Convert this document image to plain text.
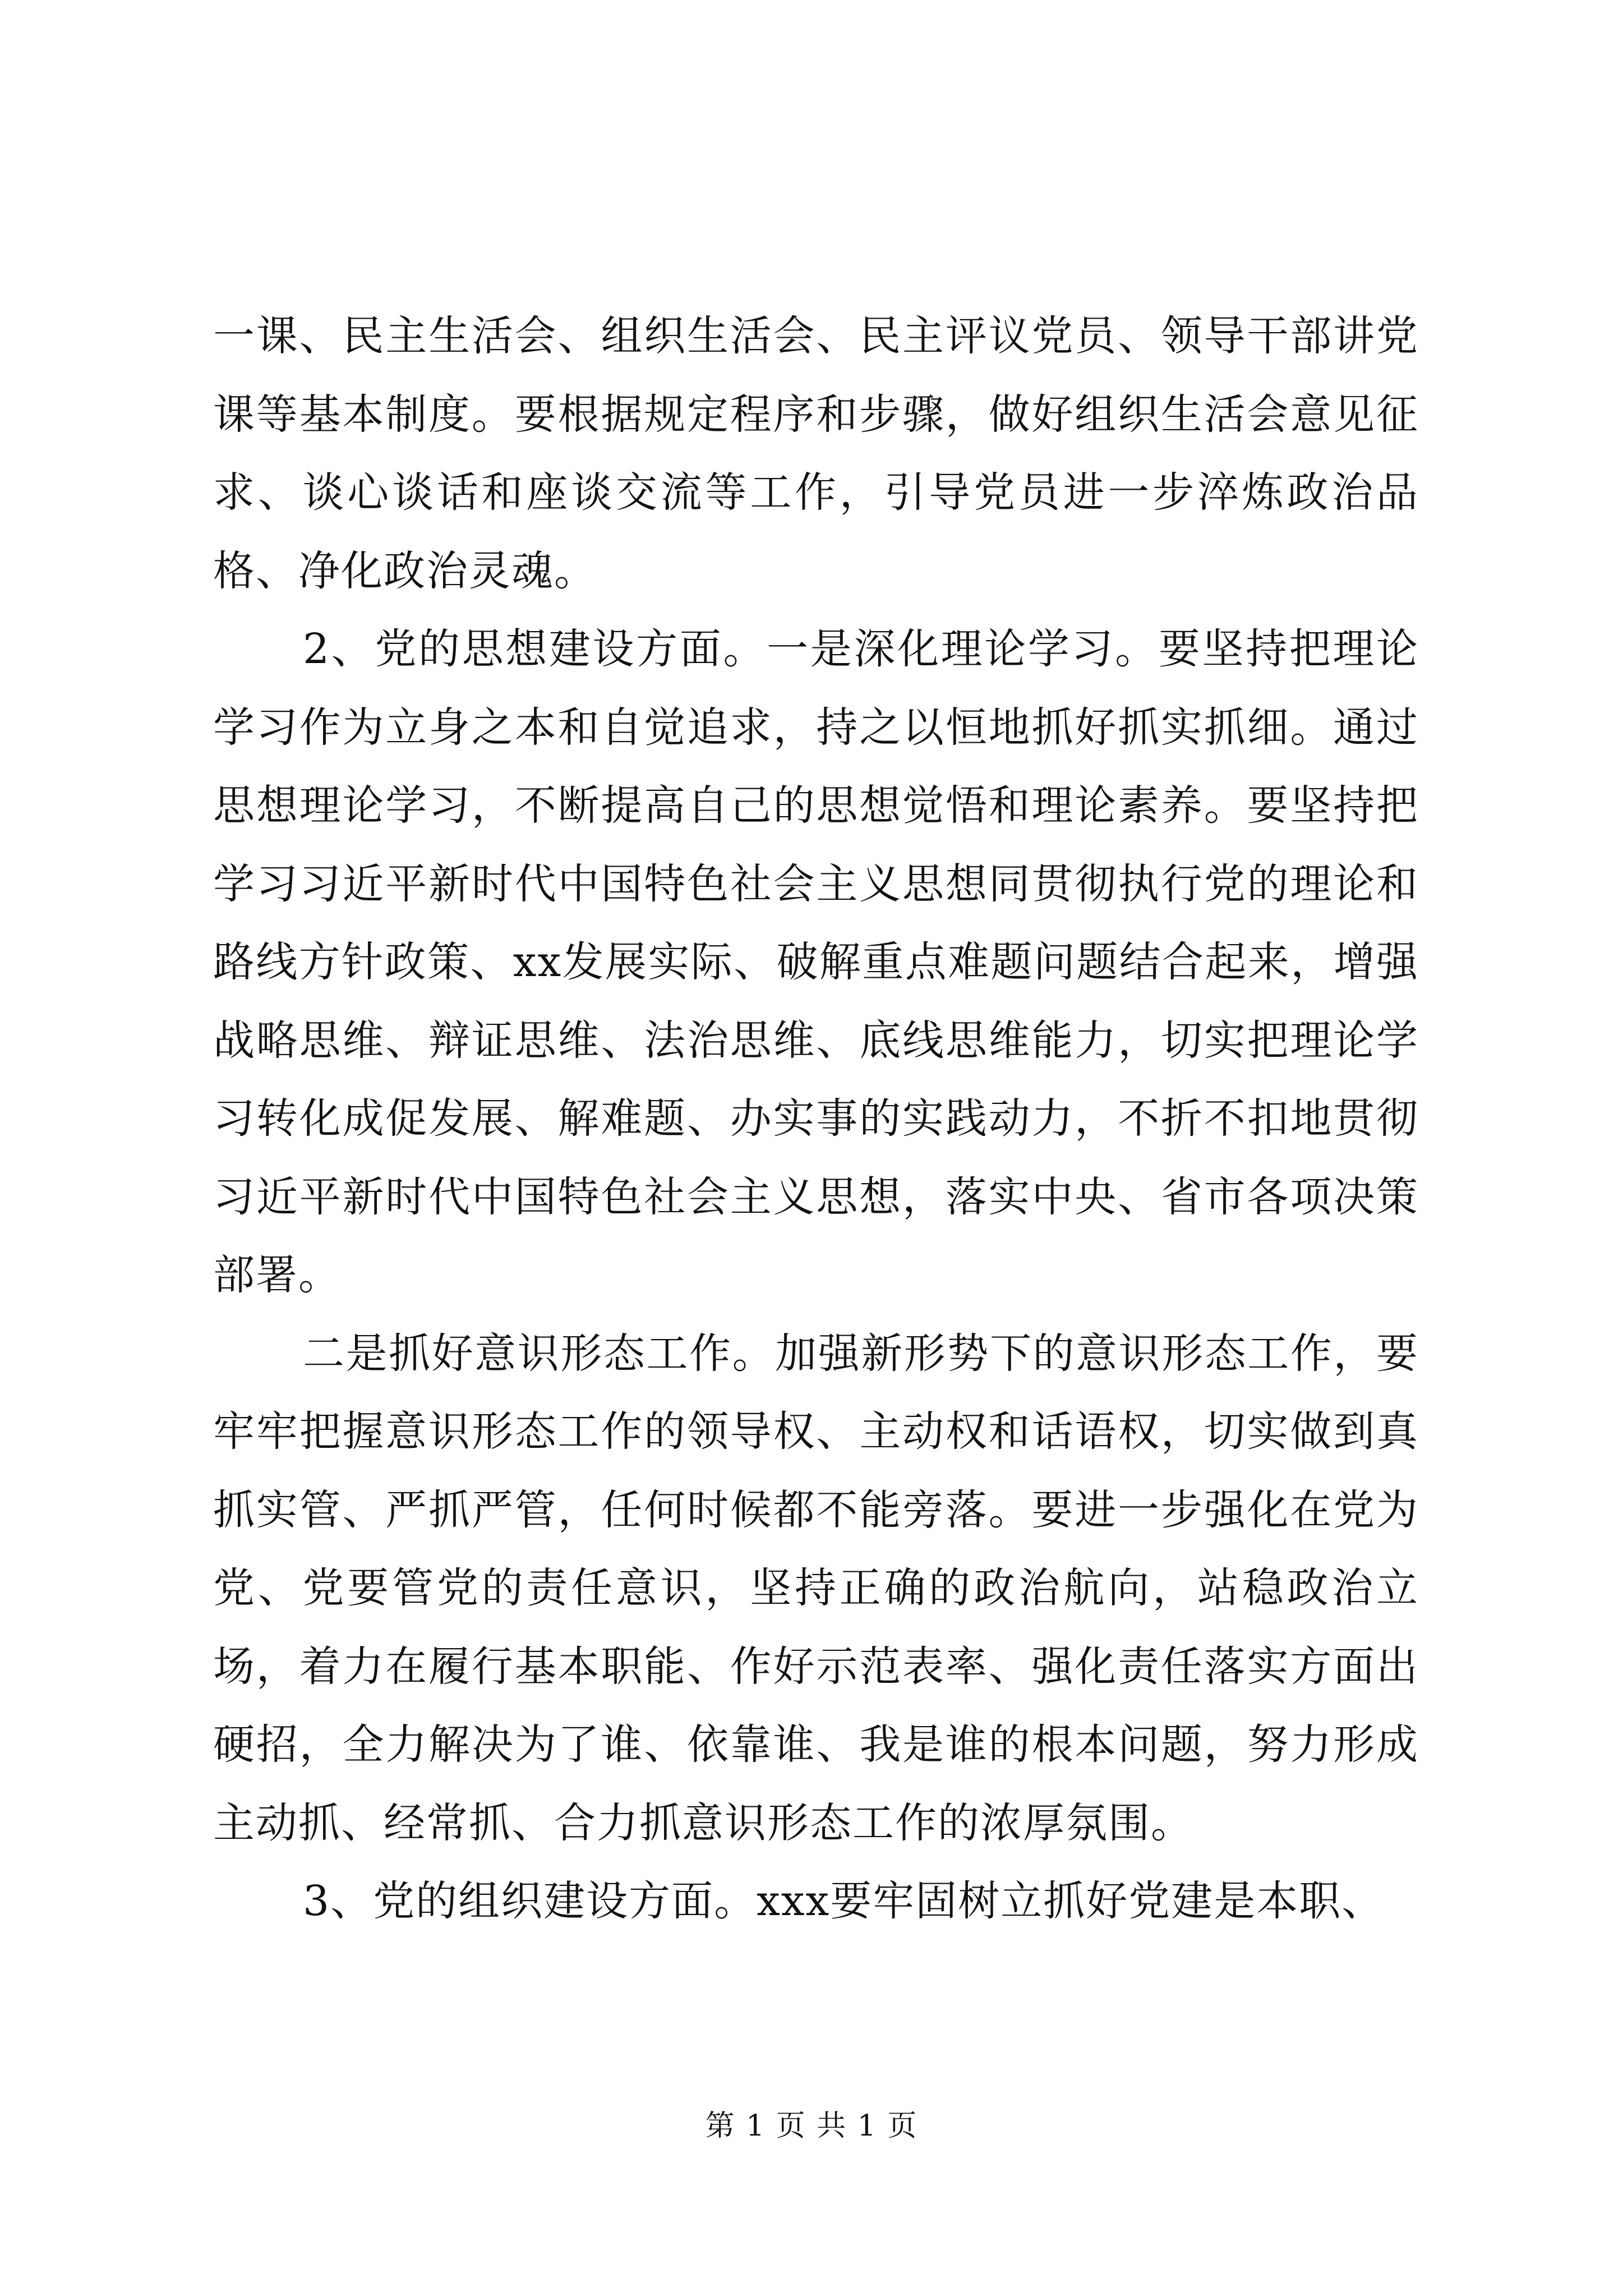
一课、民主生活会、组织生活会、民主评议党员、领导干部讲党课等基本制度。要根据规定程序和步骤，做好组织生活会意见征求、谈心谈话和座谈交流等工作，引导党员进一步淬炼政治品格、净化政治灵魂。

2、党的思想建设方面。一是深化理论学习。要坚持把理论学习作为立身之本和自觉追求，持之以恒地抓好抓实抓细。通过思想理论学习，不断提高自己的思想觉悟和理论素养。要坚持把学习习近平新时代中国特色社会主义思想同贯彻执行党的理论和路线方针政策、xx发展实际、破解重点难题问题结合起来，增强战略思维、辩证思维、法治思维、底线思维能力，切实把理论学习转化成促发展、解难题、办实事的实践动力，不折不扣地贯彻习近平新时代中国特色社会主义思想，落实中央、省市各项决策部署。

二是抓好意识形态工作。加强新形势下的意识形态工作，要牢牢把握意识形态工作的领导权、主动权和话语权，切实做到真抓实管、严抓严管，任何时候都不能旁落。要进一步强化在党为党、党要管党的责任意识，坚持正确的政治航向，站稳政治立场，着力在履行基本职能、作好示范表率、强化责任落实方面出硬招，全力解决为了谁、依靠谁、我是谁的根本问题，努力形成主动抓、经常抓、合力抓意识形态工作的浓厚氛围。

3、党的组织建设方面。xxx要牢固树立抓好党建是本职、

第 1 页 共 1 页
